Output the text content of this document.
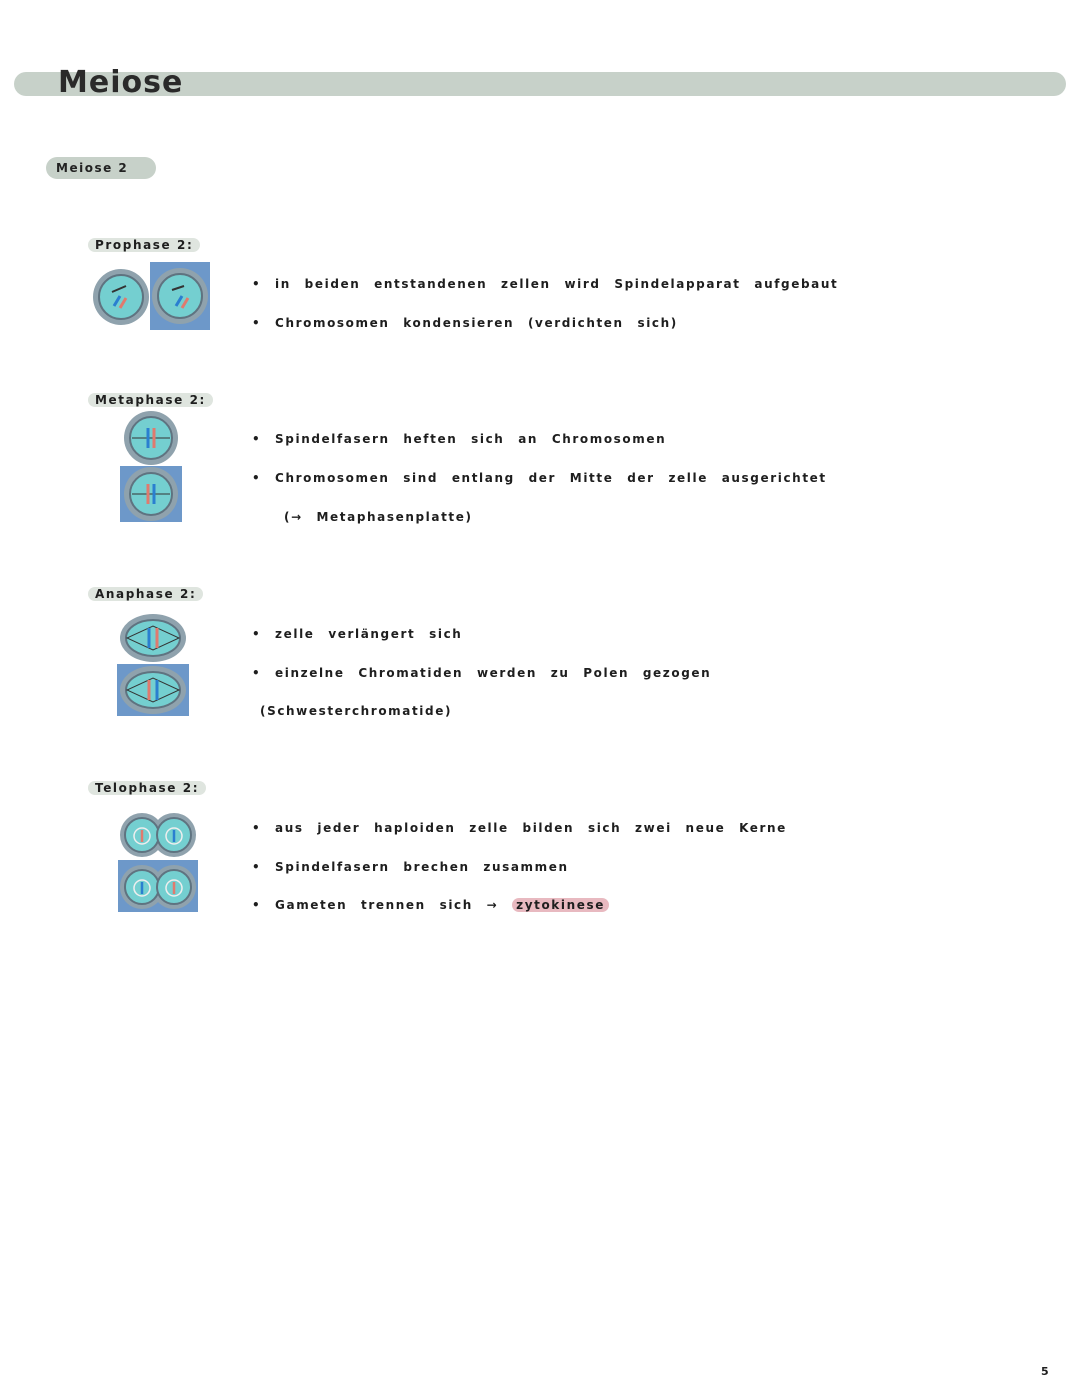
Meiose
Meiose 2
Prophase 2:
• in beiden entstandenen zellen wird Spindelapparat aufgebaut
• Chromosomen kondensieren (verdichten sich)
Metaphase 2:
• Spindelfasern heften sich an Chromosomen
• Chromosomen sind entlang der Mitte der zelle ausgerichtet
(→ Metaphasenplatte)
Anaphase 2:
• zelle verlängert sich
• einzelne Chromatiden werden zu Polen gezogen
(Schwesterchromatide)
Telophase 2:
• aus jeder haploiden zelle bilden sich zwei neue Kerne
• Spindelfasern brechen zusammen
• Gameten trennen sich → zytokinese
5
